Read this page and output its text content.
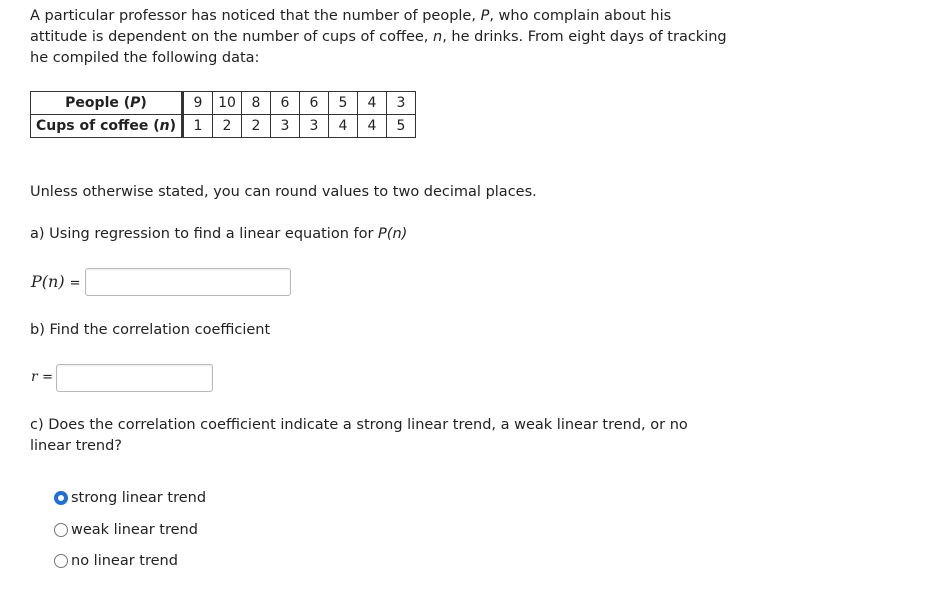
A particular professor has noticed that the number of people, P, who complain about his attitude is dependent on the number of cups of coffee, n, he drinks. From eight days of tracking he compiled the following data:

People (P)	9	10	8	6	6	5	4	3
Cups of coffee (n)	1	2	2	3	3	4	4	5

Unless otherwise stated, you can round values to two decimal places.

a) Using regression to find a linear equation for P(n)

P(n) =

b) Find the correlation coefficient

r =

c) Does the correlation coefficient indicate a strong linear trend, a weak linear trend, or no linear trend?

strong linear trend
weak linear trend
no linear trend
